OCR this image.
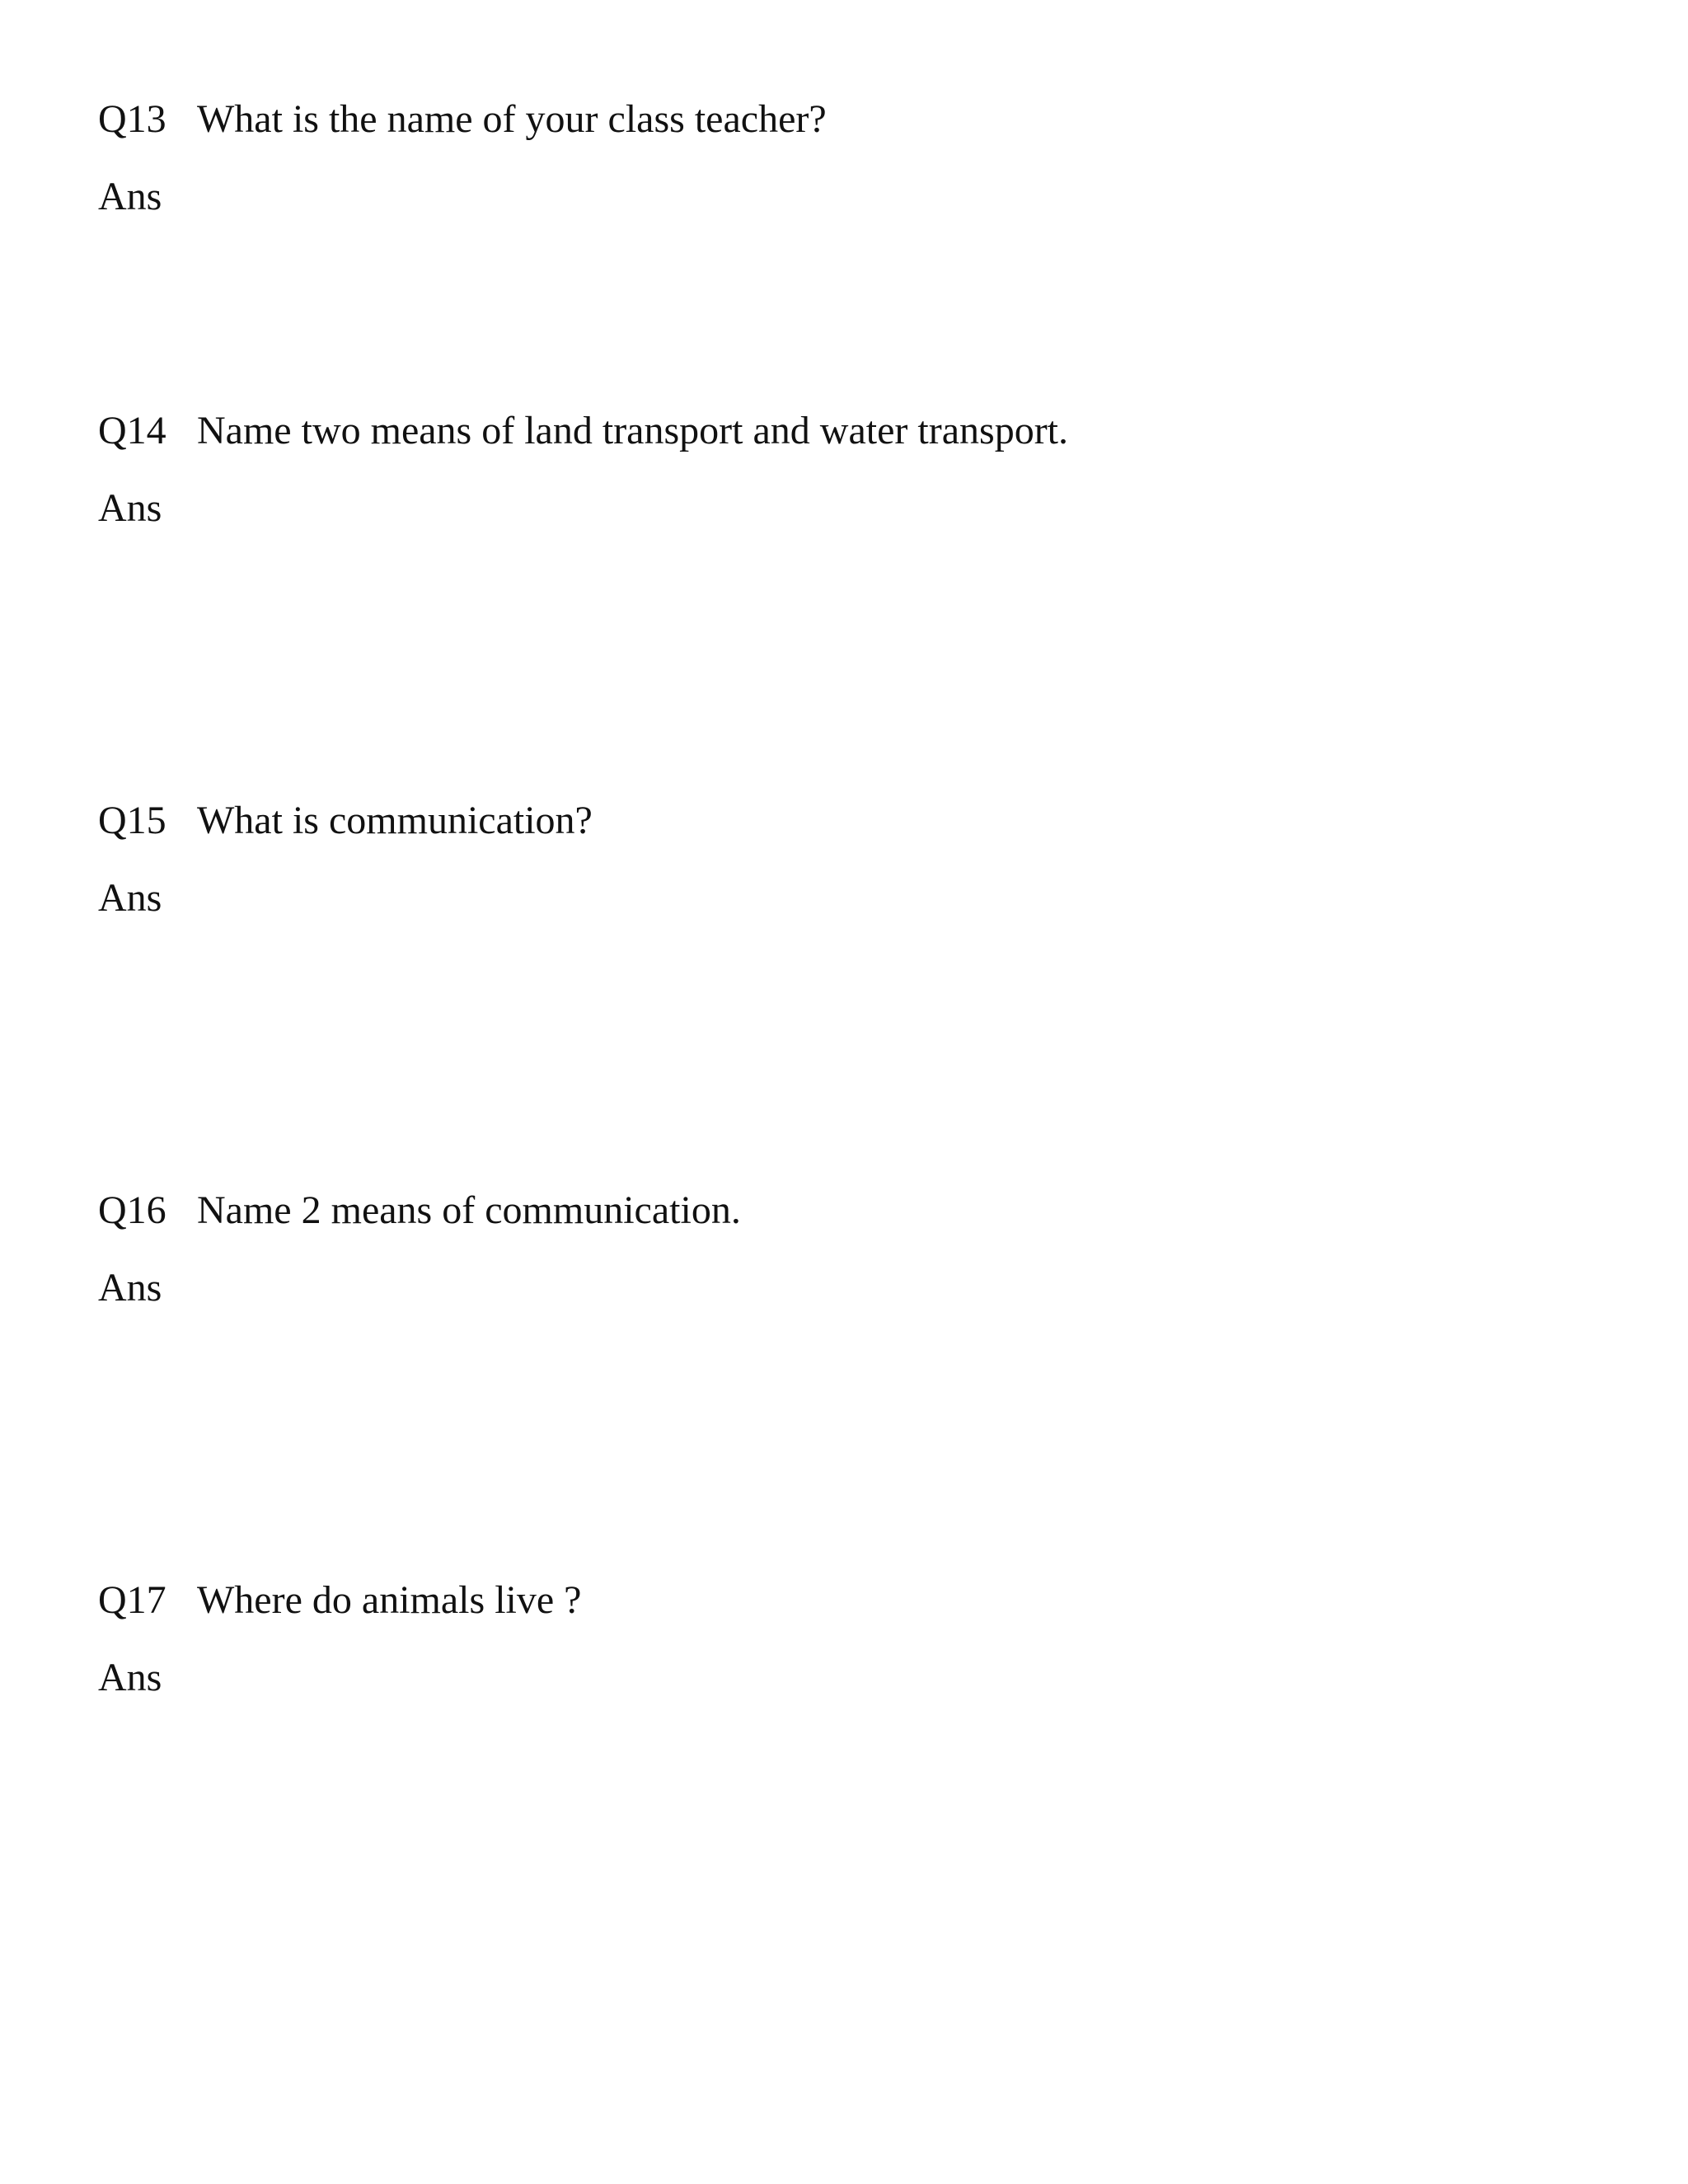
Q13 What is the name of your class teacher?
Ans
Q14 Name two means of land transport and water transport.
Ans
Q15 What is communication?
Ans
Q16 Name 2 means of communication.
Ans
Q17 Where do animals live ?
Ans
